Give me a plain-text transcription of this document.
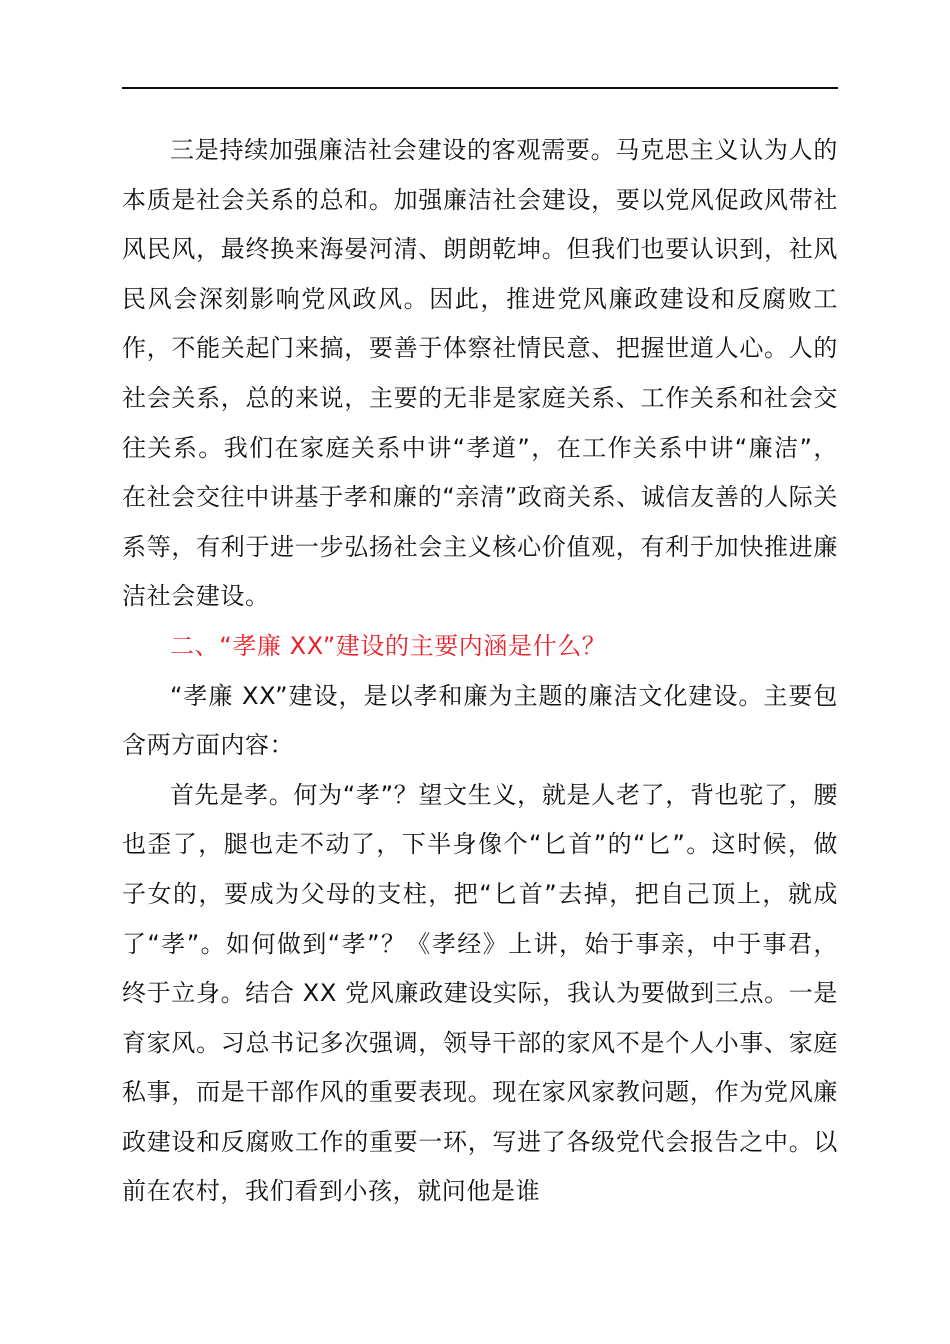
三是持续加强廉洁社会建设的客观需要。马克思主义认为人的本质是社会关系的总和。加强廉洁社会建设，要以党风促政风带社风民风，最终换来海晏河清、朗朗乾坤。但我们也要认识到，社风民风会深刻影响党风政风。因此，推进党风廉政建设和反腐败工作，不能关起门来搞，要善于体察社情民意、把握世道人心。人的社会关系，总的来说，主要的无非是家庭关系、工作关系和社会交往关系。我们在家庭关系中讲“孝道”，在工作关系中讲“廉洁”，在社会交往中讲基于孝和廉的“亲清”政商关系、诚信友善的人际关系等，有利于进一步弘扬社会主义核心价值观，有利于加快推进廉洁社会建设。

二、“孝廉 XX”建设的主要内涵是什么？

“孝廉 XX”建设，是以孝和廉为主题的廉洁文化建设。主要包含两方面内容：

首先是孝。何为“孝”？望文生义，就是人老了，背也驼了，腰也歪了，腿也走不动了，下半身像个“匕首”的“匕”。这时候，做子女的，要成为父母的支柱，把“匕首”去掉，把自己顶上，就成了“孝”。如何做到“孝”？《孝经》上讲，始于事亲，中于事君，终于立身。结合 XX 党风廉政建设实际，我认为要做到三点。一是育家风。习总书记多次强调，领导干部的家风不是个人小事、家庭私事，而是干部作风的重要表现。现在家风家教问题，作为党风廉政建设和反腐败工作的重要一环，写进了各级党代会报告之中。以前在农村，我们看到小孩，就问他是谁
